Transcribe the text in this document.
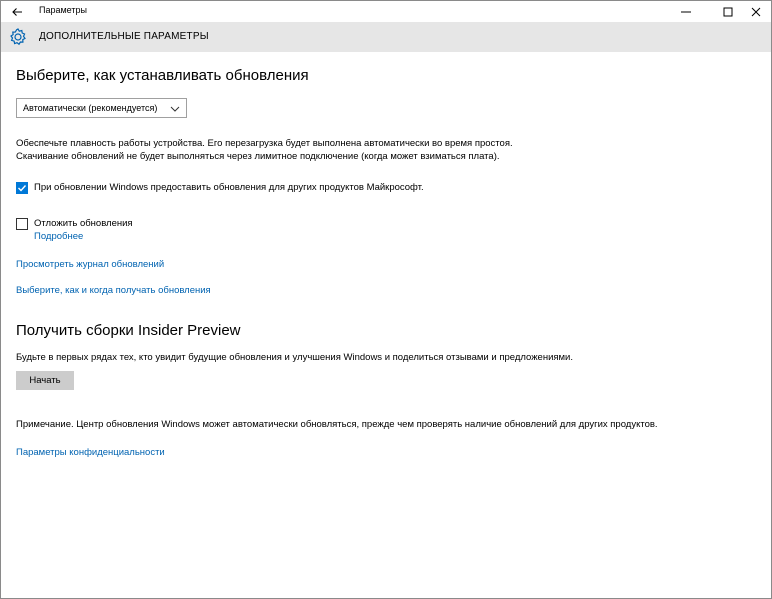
Параметры
ДОПОЛНИТЕЛЬНЫЕ ПАРАМЕТРЫ
Выберите, как устанавливать обновления
Автоматически (рекомендуется)
Обеспечьте плавность работы устройства. Его перезагрузка будет выполнена автоматически во время простоя.
Скачивание обновлений не будет выполняться через лимитное подключение (когда может взиматься плата).
При обновлении Windows предоставить обновления для других продуктов Майкрософт.
Отложить обновления
Подробнее
Просмотреть журнал обновлений
Выберите, как и когда получать обновления
Получить сборки Insider Preview
Будьте в первых рядах тех, кто увидит будущие обновления и улучшения Windows и поделиться отзывами и предложениями.
Начать
Примечание. Центр обновления Windows может автоматически обновляться, прежде чем проверять наличие обновлений для других продуктов.
Параметры конфиденциальности
